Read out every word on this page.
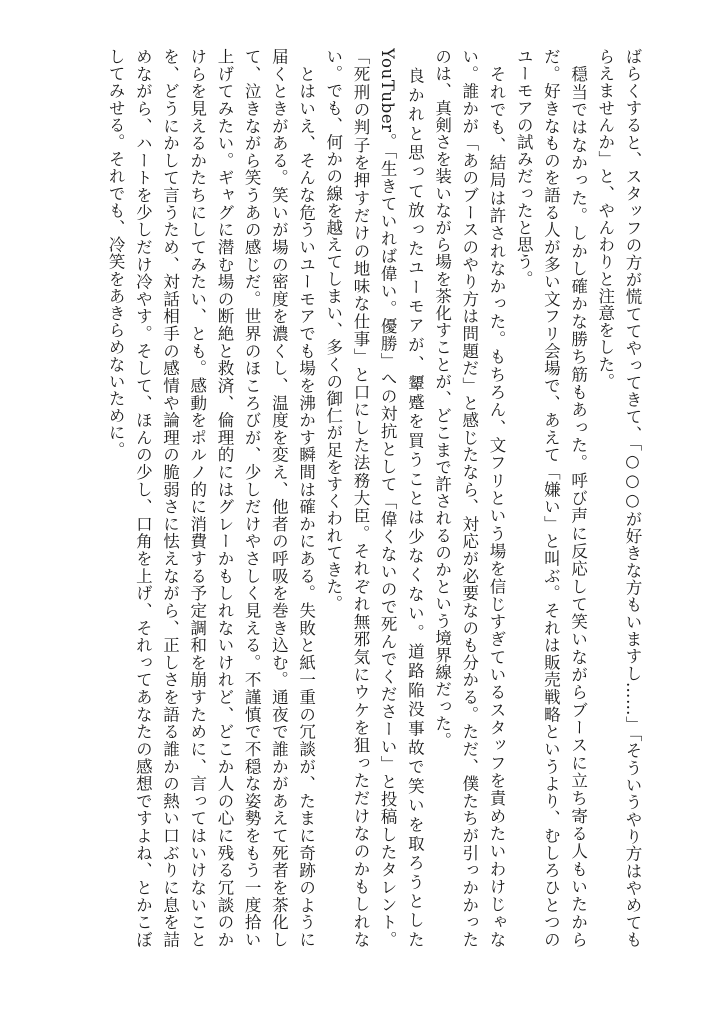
ばらくすると、スタッフの方が慌ててやってきて、「○○○が好きな方もいますし……」「そういうやり方はやめてもらえませんか」と、やんわりと注意をした。

　穏当ではなかった。しかし確かな勝ち筋もあった。呼び声に反応して笑いながらブースに立ち寄る人もいたからだ。好きなものを語る人が多い文フリ会場で、あえて「嫌い」と叫ぶ。それは販売戦略というより、むしろひとつのユーモアの試みだったと思う。

　それでも、結局は許されなかった。もちろん、文フリという場を信じすぎているスタッフを責めたいわけじゃない。誰かが「あのブースのやり方は問題だ」と感じたなら、対応が必要なのも分かる。ただ、僕たちが引っかかったのは、真剣さを装いながら場を茶化すことが、どこまで許されるのかという境界線だった。

　良かれと思って放ったユーモアが、顰蹙を買うことは少なくない。道路陥没事故で笑いを取ろうとしたYouTuber。「生きていれば偉い。優勝」への対抗として「偉くないので死んでくださーい」と投稿したタレント。「死刑の判子を押すだけの地味な仕事」と口にした法務大臣。それぞれ無邪気にウケを狙っただけなのかもしれない。でも、何かの線を越えてしまい、多くの御仁が足をすくわれてきた。

　とはいえ、そんな危ういユーモアでも場を沸かす瞬間は確かにある。失敗と紙一重の冗談が、たまに奇跡のように届くときがある。笑いが場の密度を濃くし、温度を変え、他者の呼吸を巻き込む。通夜で誰かがあえて死者を茶化して、泣きながら笑うあの感じだ。世界のほころびが、少しだけやさしく見える。不謹慎で不穏な姿勢をもう一度拾い上げてみたい。ギャグに潜む場の断絶と救済、倫理的にはグレーかもしれないけれど、どこか人の心に残る冗談のかけらを見えるかたちにしてみたい、とも。感動をポルノ的に消費する予定調和を崩すために、言ってはいけないことを、どうにかして言うため、対話相手の感情や論理の脆弱さに怯えながら、正しさを語る誰かの熱い口ぶりに息を詰めながら、ハートを少しだけ冷やす。そして、ほんの少し、口角を上げ、それってあなたの感想ですよね、とかこぼしてみせる。それでも、冷笑をあきらめないために。
